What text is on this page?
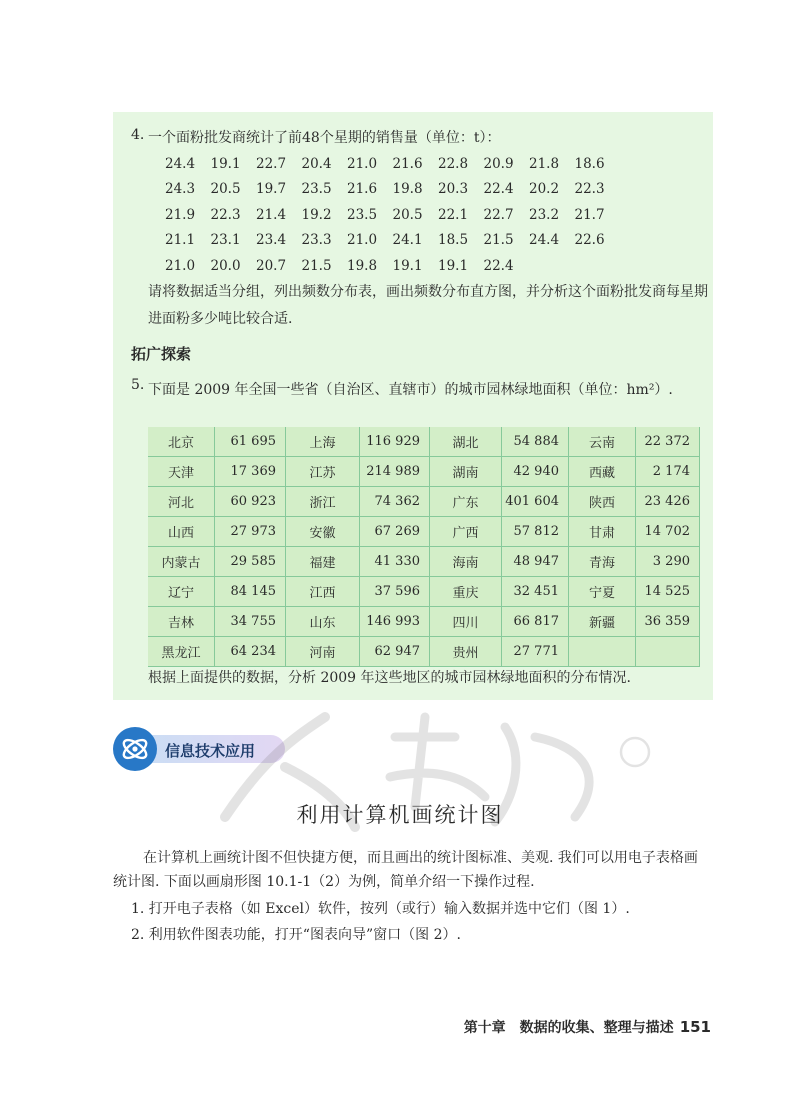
4. 一个面粉批发商统计了前48个星期的销售量（单位：t）：
24.4	19.1	22.7	20.4	21.0	21.6	22.8	20.9	21.8	18.6
24.3	20.5	19.7	23.5	21.6	19.8	20.3	22.4	20.2	22.3
21.9	22.3	21.4	19.2	23.5	20.5	22.1	22.7	23.2	21.7
21.1	23.1	23.4	23.3	21.0	24.1	18.5	21.5	24.4	22.6
21.0	20.0	20.7	21.5	19.8	19.1	19.1	22.4
请将数据适当分组，列出频数分布表，画出频数分布直方图，并分析这个面粉批发商每星期进面粉多少吨比较合适.
拓广探索
5. 下面是 2009 年全国一些省（自治区、直辖市）的城市园林绿地面积（单位：hm²）.
北京	61 695	上海	116 929	湖北	54 884	云南	22 372
天津	17 369	江苏	214 989	湖南	42 940	西藏	2 174
河北	60 923	浙江	74 362	广东	401 604	陕西	23 426
山西	27 973	安徽	67 269	广西	57 812	甘肃	14 702
内蒙古	29 585	福建	41 330	海南	48 947	青海	3 290
辽宁	84 145	江西	37 596	重庆	32 451	宁夏	14 525
吉林	34 755	山东	146 993	四川	66 817	新疆	36 359
黑龙江	64 234	河南	62 947	贵州	27 771
根据上面提供的数据，分析 2009 年这些地区的城市园林绿地面积的分布情况.
信息技术应用
利用计算机画统计图
在计算机上画统计图不但快捷方便，而且画出的统计图标准、美观. 我们可以用电子表格画统计图. 下面以画扇形图 10.1-1（2）为例，简单介绍一下操作过程.
1. 打开电子表格（如 Excel）软件，按列（或行）输入数据并选中它们（图 1）.
2. 利用软件图表功能，打开“图表向导”窗口（图 2）.
第十章　数据的收集、整理与描述 151
